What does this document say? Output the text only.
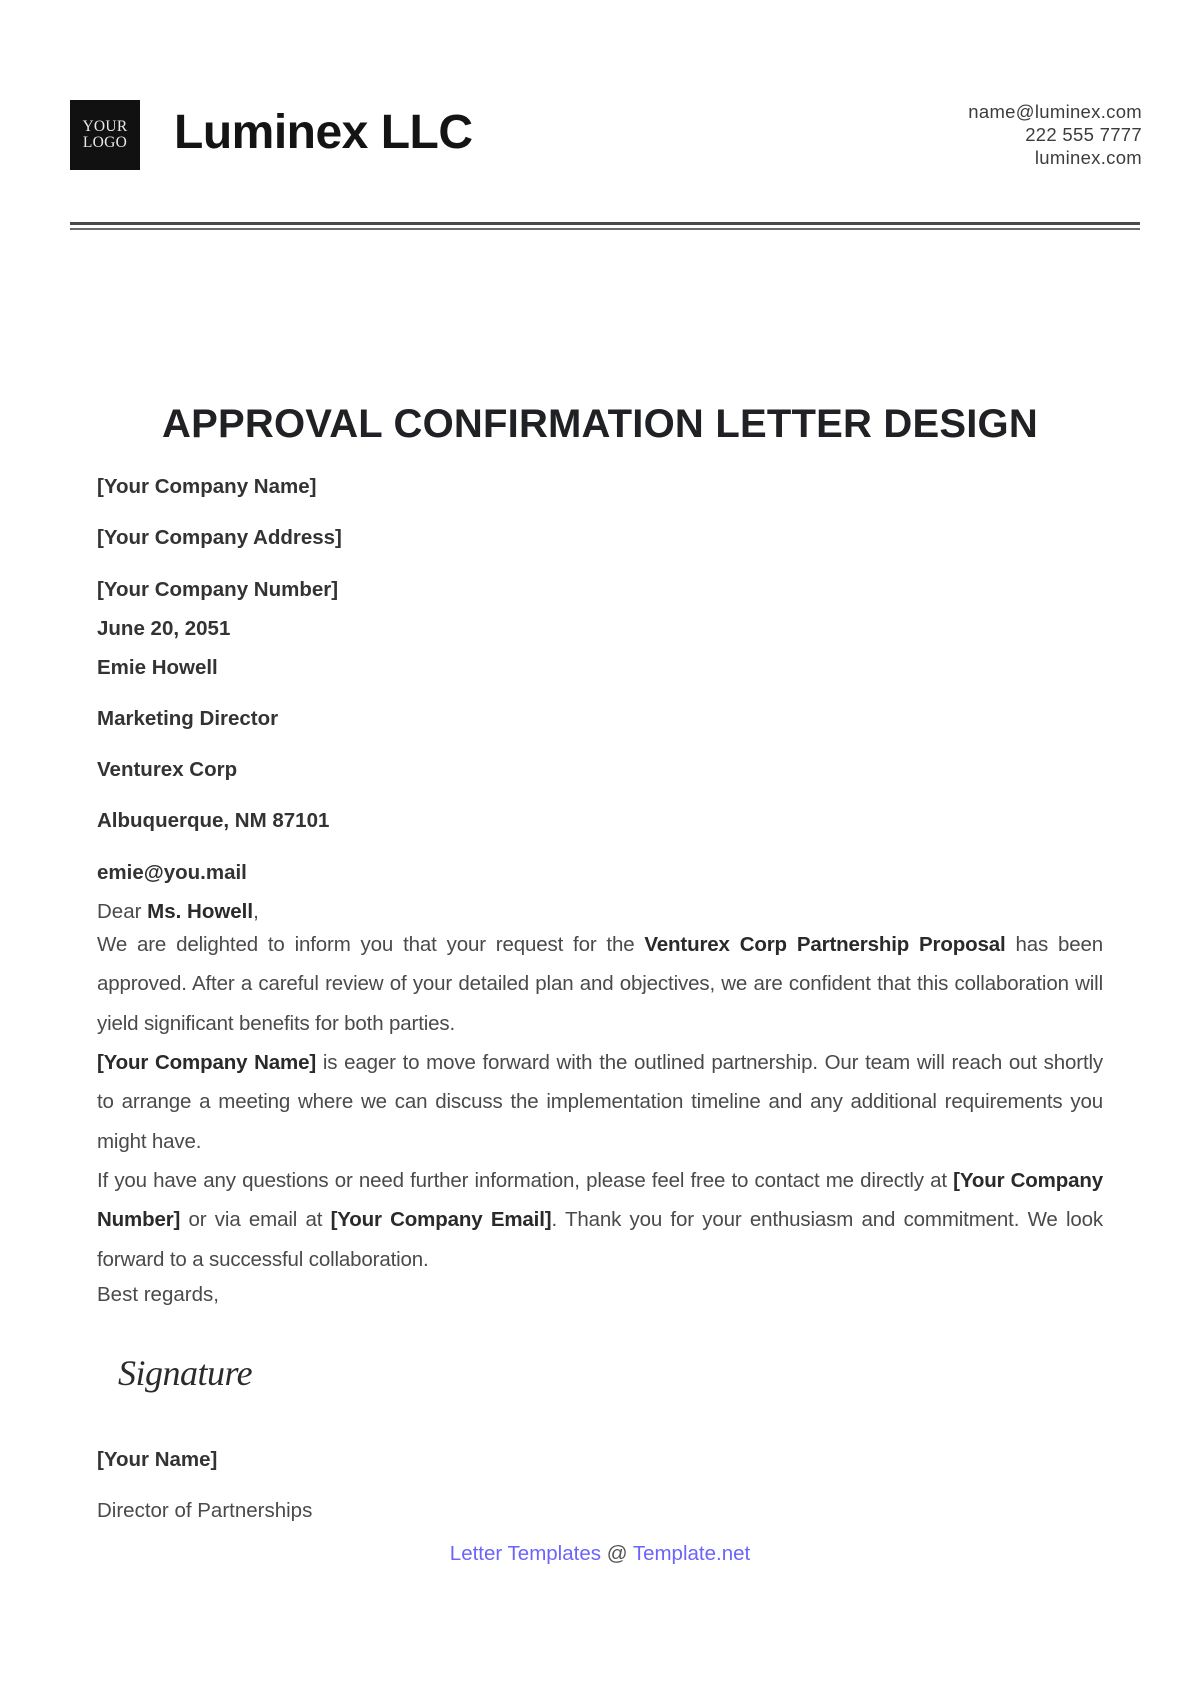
YOUR
LOGO Luminex LLC	name@luminex.com
222 555 7777
luminex.com
APPROVAL CONFIRMATION LETTER DESIGN
[Your Company Name]
[Your Company Address]
[Your Company Number]
June 20, 2051
Emie Howell
Marketing Director
Venturex Corp
Albuquerque, NM 87101
emie@you.mail
Dear Ms. Howell,
We are delighted to inform you that your request for the Venturex Corp Partnership Proposal has been approved. After a careful review of your detailed plan and objectives, we are confident that this collaboration will yield significant benefits for both parties.
[Your Company Name] is eager to move forward with the outlined partnership. Our team will reach out shortly to arrange a meeting where we can discuss the implementation timeline and any additional requirements you might have.
If you have any questions or need further information, please feel free to contact me directly at [Your Company Number] or via email at [Your Company Email]. Thank you for your enthusiasm and commitment. We look forward to a successful collaboration.
Best regards,
Signature
[Your Name]
Director of Partnerships
Letter Templates @ Template.net
